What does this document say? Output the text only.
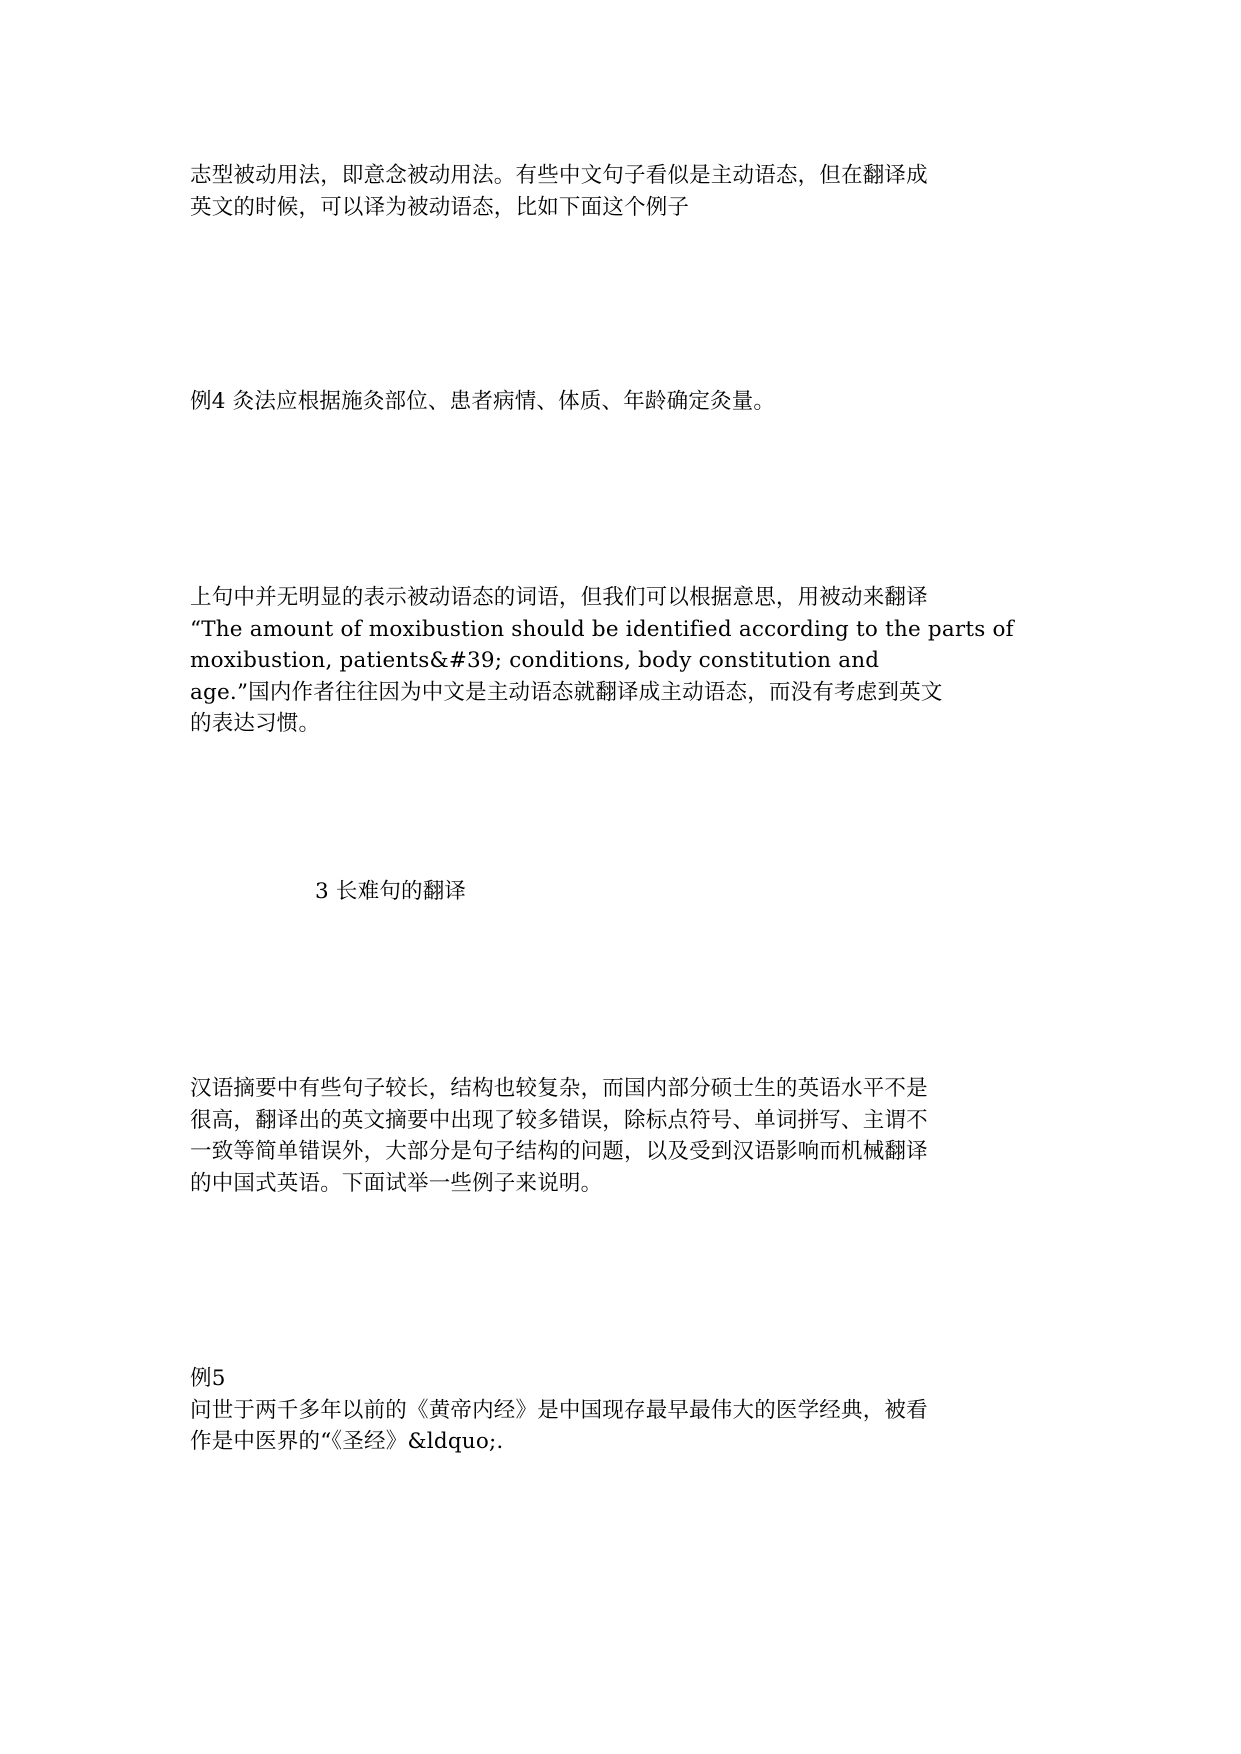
志型被动用法，即意念被动用法。有些中文句子看似是主动语态，但在翻译成
英文的时候，可以译为被动语态，比如下面这个例子

例4 灸法应根据施灸部位、患者病情、体质、年龄确定灸量。

上句中并无明显的表示被动语态的词语，但我们可以根据意思，用被动来翻译
“The amount of moxibustion should be identified according to the parts of
moxibustion, patients&#39; conditions, body constitution and
age.”国内作者往往因为中文是主动语态就翻译成主动语态，而没有考虑到英文
的表达习惯。

3 长难句的翻译

汉语摘要中有些句子较长，结构也较复杂，而国内部分硕士生的英语水平不是
很高，翻译出的英文摘要中出现了较多错误，除标点符号、单词拼写、主谓不
一致等简单错误外，大部分是句子结构的问题，以及受到汉语影响而机械翻译
的中国式英语。下面试举一些例子来说明。

例5
问世于两千多年以前的《黄帝内经》是中国现存最早最伟大的医学经典，被看
作是中医界的“《圣经》&ldquo;.
